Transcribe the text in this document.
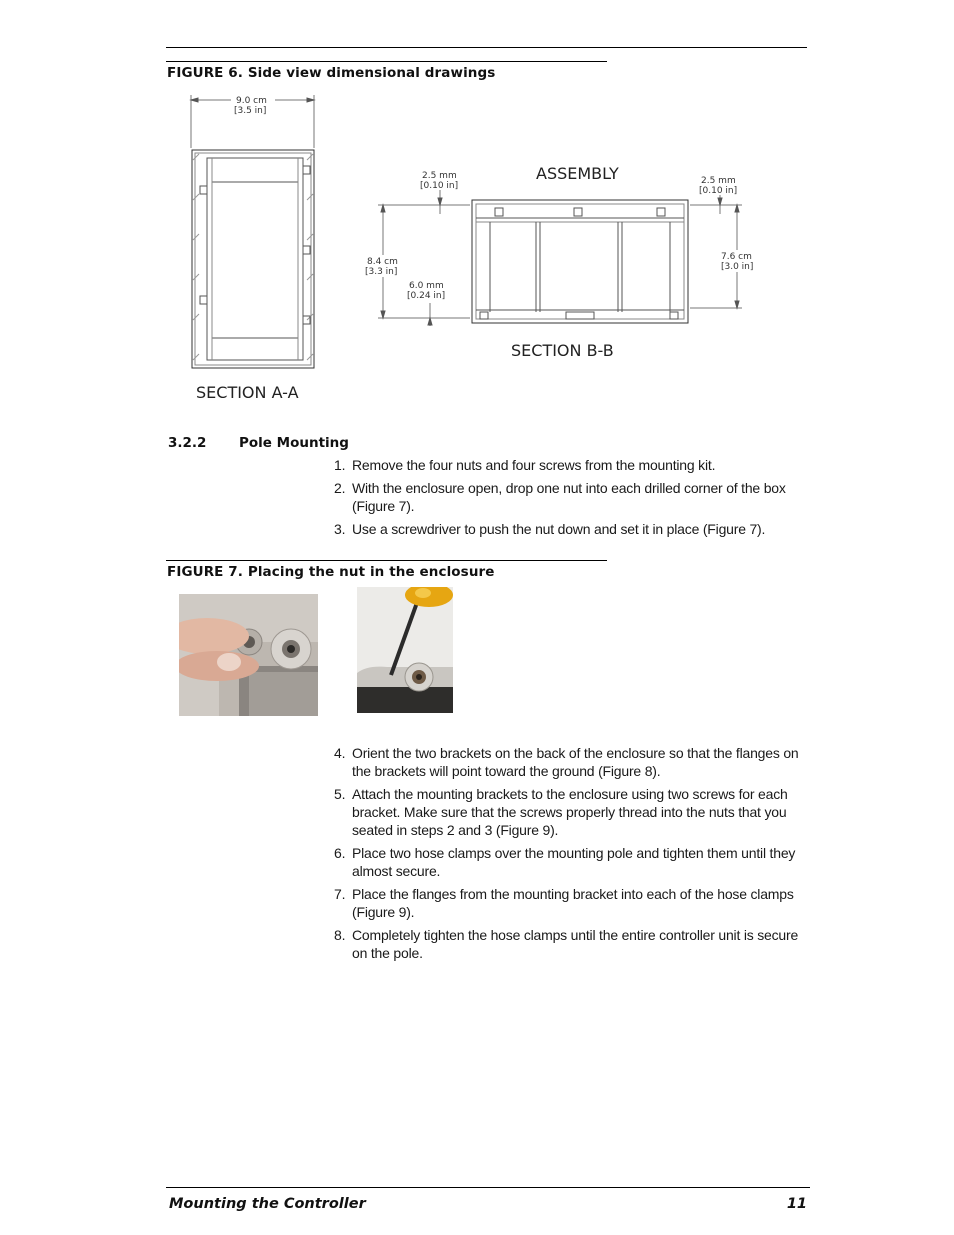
FIGURE 6. Side view dimensional drawings
9.0 cm
[3.5 in]
SECTION A-A
ASSEMBLY
2.5 mm
[0.10 in]	2.5 mm
[0.10 in]
8.4 cm
[3.3 in]
6.0 mm
[0.24 in]
7.6 cm
[3.0 in]
SECTION B-B
3.2.2 Pole Mounting
1. Remove the four nuts and four screws from the mounting kit.
2. With the enclosure open, drop one nut into each drilled corner of the box (Figure 7).
3. Use a screwdriver to push the nut down and set it in place (Figure 7).
FIGURE 7. Placing the nut in the enclosure
4. Orient the two brackets on the back of the enclosure so that the flanges on the brackets will point toward the ground (Figure 8).
5. Attach the mounting brackets to the enclosure using two screws for each bracket. Make sure that the screws properly thread into the nuts that you seated in steps 2 and 3 (Figure 9).
6. Place two hose clamps over the mounting pole and tighten them until they almost secure.
7. Place the flanges from the mounting bracket into each of the hose clamps (Figure 9).
8. Completely tighten the hose clamps until the entire controller unit is secure on the pole.
Mounting the Controller	11
